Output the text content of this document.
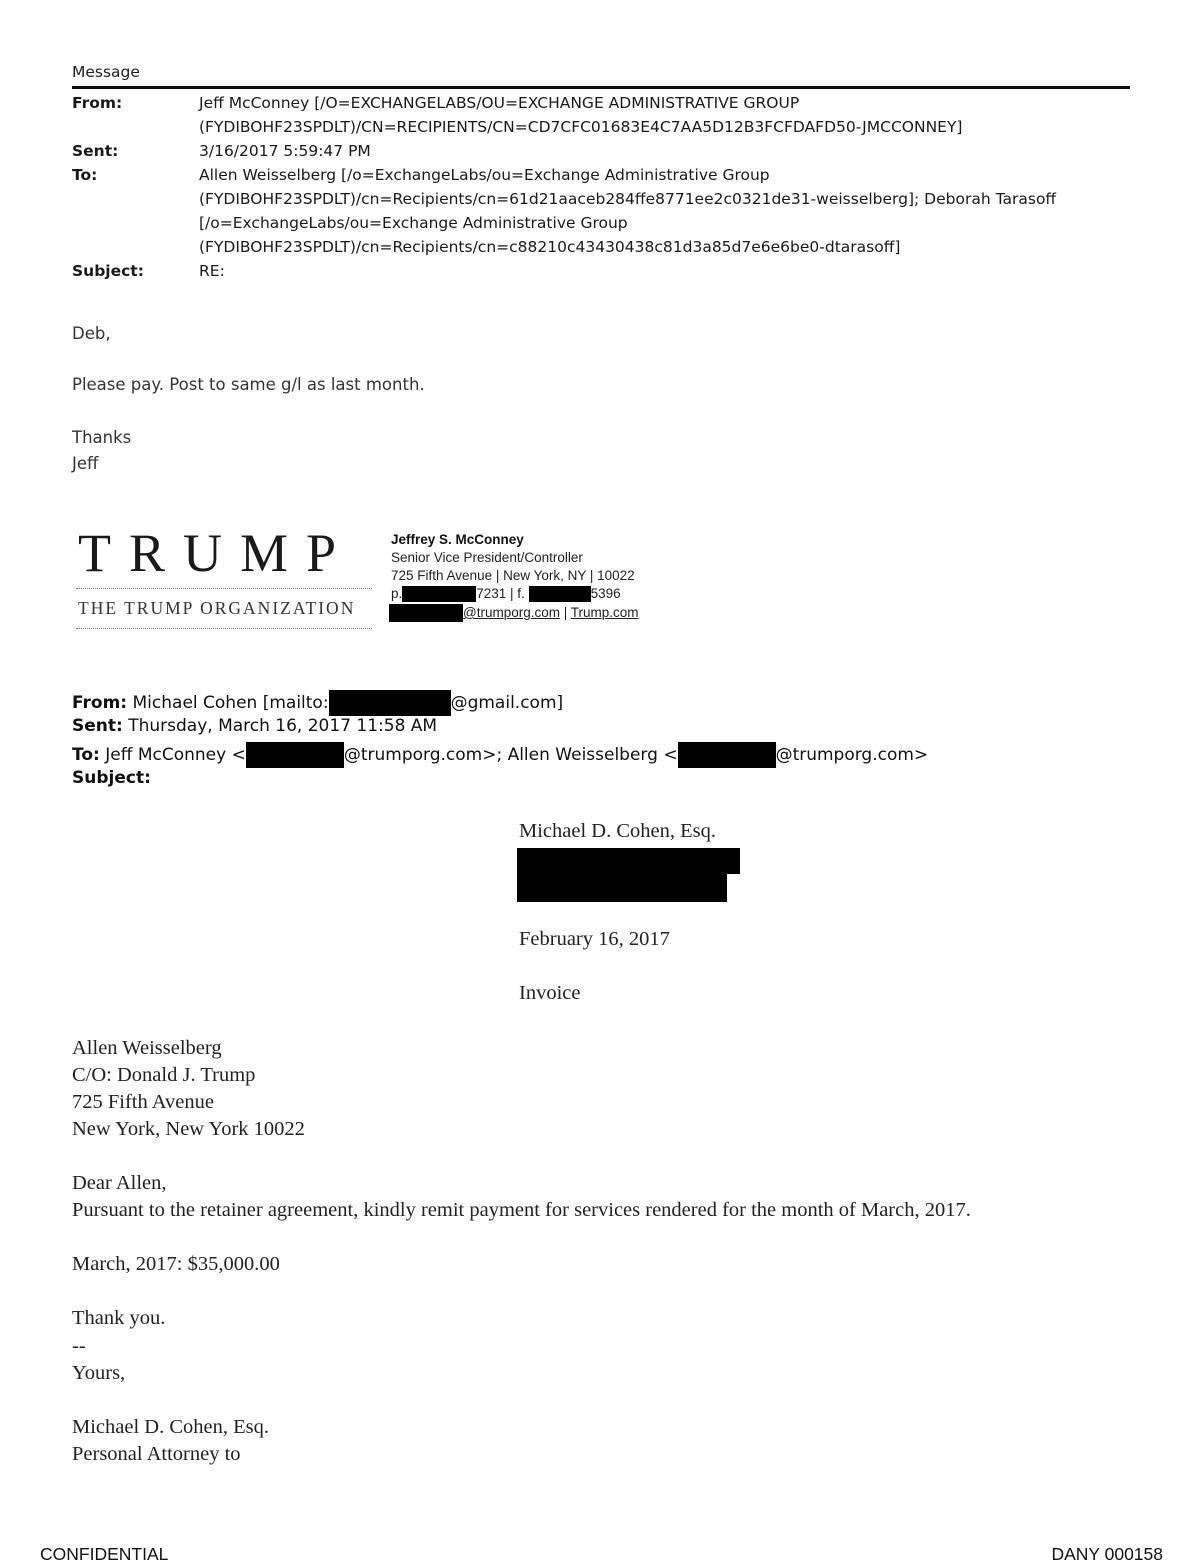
Message
From:	Jeff McConney [/O=EXCHANGELABS/OU=EXCHANGE ADMINISTRATIVE GROUP
(FYDIBOHF23SPDLT)/CN=RECIPIENTS/CN=CD7CFC01683E4C7AA5D12B3FCFDAFD50-JMCCONNEY]
Sent:	3/16/2017 5:59:47 PM
To:	Allen Weisselberg [/o=ExchangeLabs/ou=Exchange Administrative Group
(FYDIBOHF23SPDLT)/cn=Recipients/cn=61d21aaceb284ffe8771ee2c0321de31-weisselberg]; Deborah Tarasoff
[/o=ExchangeLabs/ou=Exchange Administrative Group
(FYDIBOHF23SPDLT)/cn=Recipients/cn=c88210c43430438c81d3a85d7e6e6be0-dtarasoff]
Subject:	RE:
Deb,
Please pay. Post to same g/l as last month.
Thanks
Jeff
TRUMP
THE TRUMP ORGANIZATION
Jeffrey S. McConney
Senior Vice President/Controller
725 Fifth Avenue | New York, NY | 10022
p.	7231 | f.	5396
@trumporg.com | Trump.com
From: Michael Cohen [mailto:	@gmail.com]
Sent: Thursday, March 16, 2017 11:58 AM
To: Jeff McConney <	@trumporg.com>; Allen Weisselberg <	@trumporg.com>
Subject:
Michael D. Cohen, Esq.
February 16, 2017
Invoice
Allen Weisselberg
C/O: Donald J. Trump
725 Fifth Avenue
New York, New York 10022
Dear Allen,
Pursuant to the retainer agreement, kindly remit payment for services rendered for the month of March, 2017.
March, 2017: $35,000.00
Thank you.
--
Yours,
Michael D. Cohen, Esq.
Personal Attorney to
CONFIDENTIAL	DANY 000158
